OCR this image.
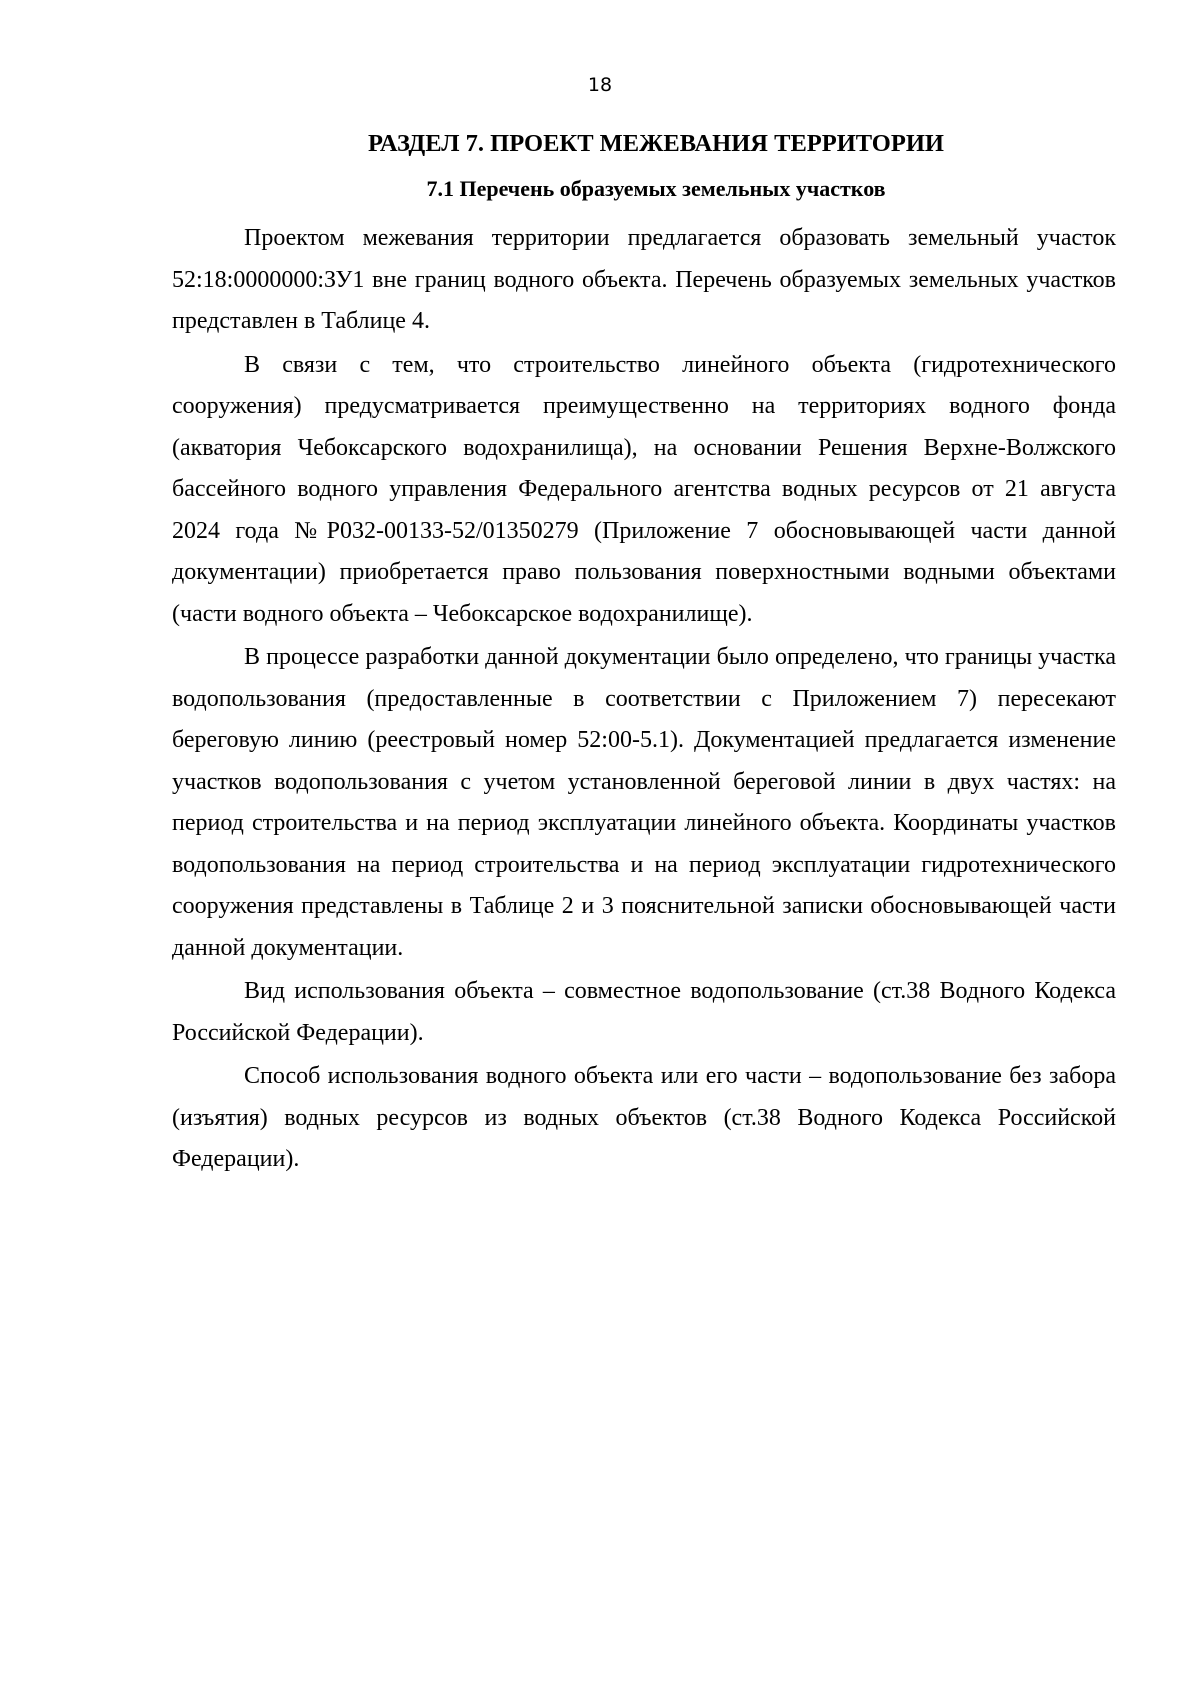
18
РАЗДЕЛ 7. ПРОЕКТ МЕЖЕВАНИЯ ТЕРРИТОРИИ
7.1 Перечень образуемых земельных участков

Проектом межевания территории предлагается образовать земельный участок 52:18:0000000:ЗУ1 вне границ водного объекта. Перечень образуемых земельных участков представлен в Таблице 4.

В связи с тем, что строительство линейного объекта (гидротехнического сооружения) предусматривается преимущественно на территориях водного фонда (акватория Чебоксарского водохранилища), на основании Решения Верхне-Волжского бассейного водного управления Федерального агентства водных ресурсов от 21 августа 2024 года №Р032-00133-52/01350279 (Приложение 7 обосновывающей части данной документации) приобретается право пользования поверхностными водными объектами (части водного объекта – Чебоксарское водохранилище).

В процессе разработки данной документации было определено, что границы участка водопользования (предоставленные в соответствии с Приложением 7) пересекают береговую линию (реестровый номер 52:00-5.1). Документацией предлагается изменение участков водопользования с учетом установленной береговой линии в двух частях: на период строительства и на период эксплуатации линейного объекта. Координаты участков водопользования на период строительства и на период эксплуатации гидротехнического сооружения представлены в Таблице 2 и 3 пояснительной записки обосновывающей части данной документации.

Вид использования объекта – совместное водопользование (ст.38 Водного Кодекса Российской Федерации).

Способ использования водного объекта или его части – водопользование без забора (изъятия) водных ресурсов из водных объектов (ст.38 Водного Кодекса Российской Федерации).
